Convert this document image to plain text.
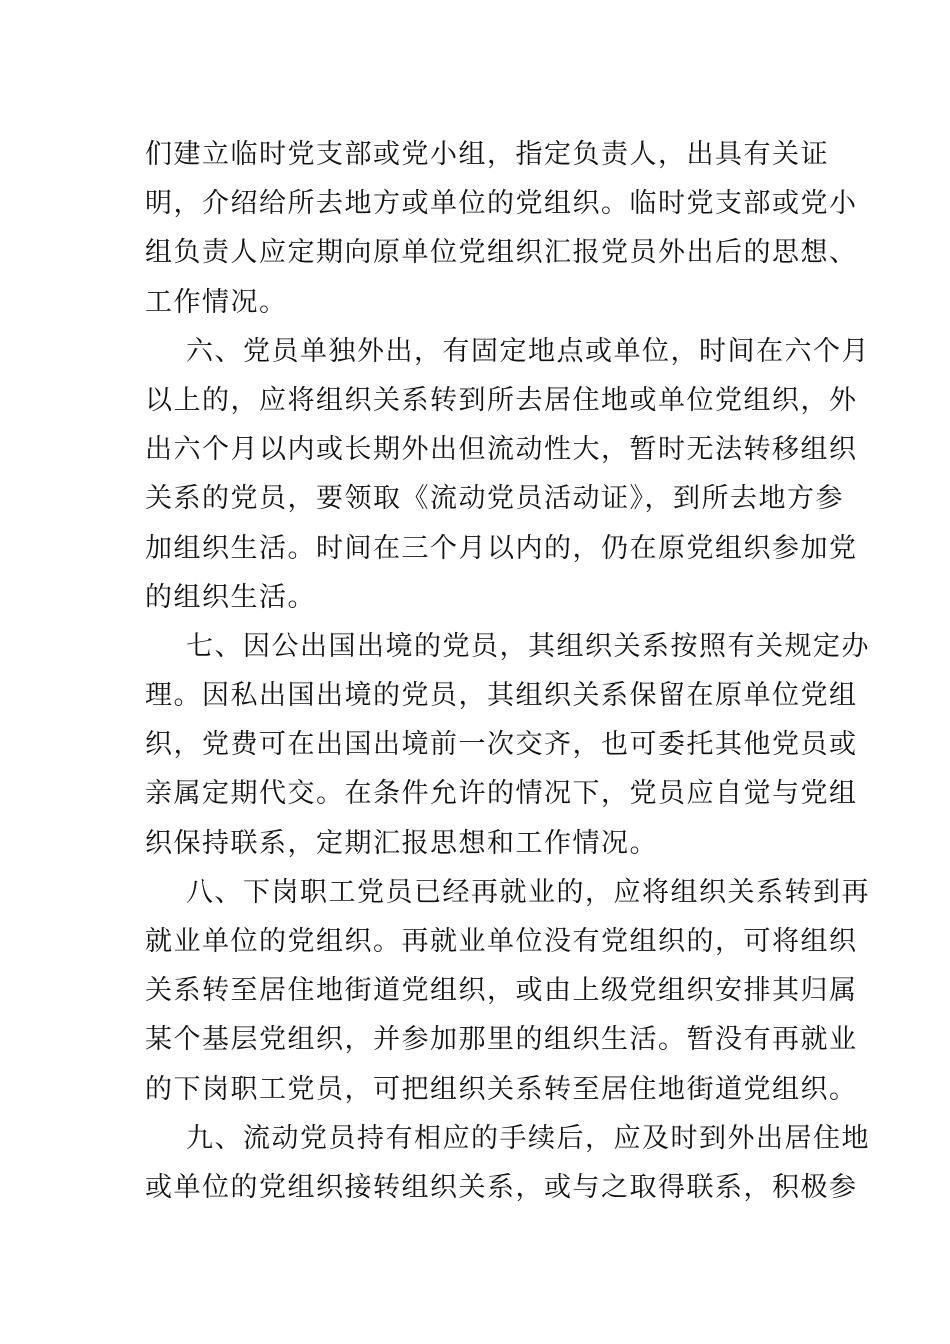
们建立临时党支部或党小组，指定负责人，出具有关证
明，介绍给所去地方或单位的党组织。临时党支部或党小
组负责人应定期向原单位党组织汇报党员外出后的思想、
工作情况。
六、党员单独外出，有固定地点或单位，时间在六个月
以上的，应将组织关系转到所去居住地或单位党组织，外
出六个月以内或长期外出但流动性大，暂时无法转移组织
关系的党员，要领取《流动党员活动证》，到所去地方参
加组织生活。时间在三个月以内的，仍在原党组织参加党
的组织生活。
七、因公出国出境的党员，其组织关系按照有关规定办
理。因私出国出境的党员，其组织关系保留在原单位党组
织，党费可在出国出境前一次交齐，也可委托其他党员或
亲属定期代交。在条件允许的情况下，党员应自觉与党组
织保持联系，定期汇报思想和工作情况。
八、下岗职工党员已经再就业的，应将组织关系转到再
就业单位的党组织。再就业单位没有党组织的，可将组织
关系转至居住地街道党组织，或由上级党组织安排其归属
某个基层党组织，并参加那里的组织生活。暂没有再就业
的下岗职工党员，可把组织关系转至居住地街道党组织。
九、流动党员持有相应的手续后，应及时到外出居住地
或单位的党组织接转组织关系，或与之取得联系，积极参
